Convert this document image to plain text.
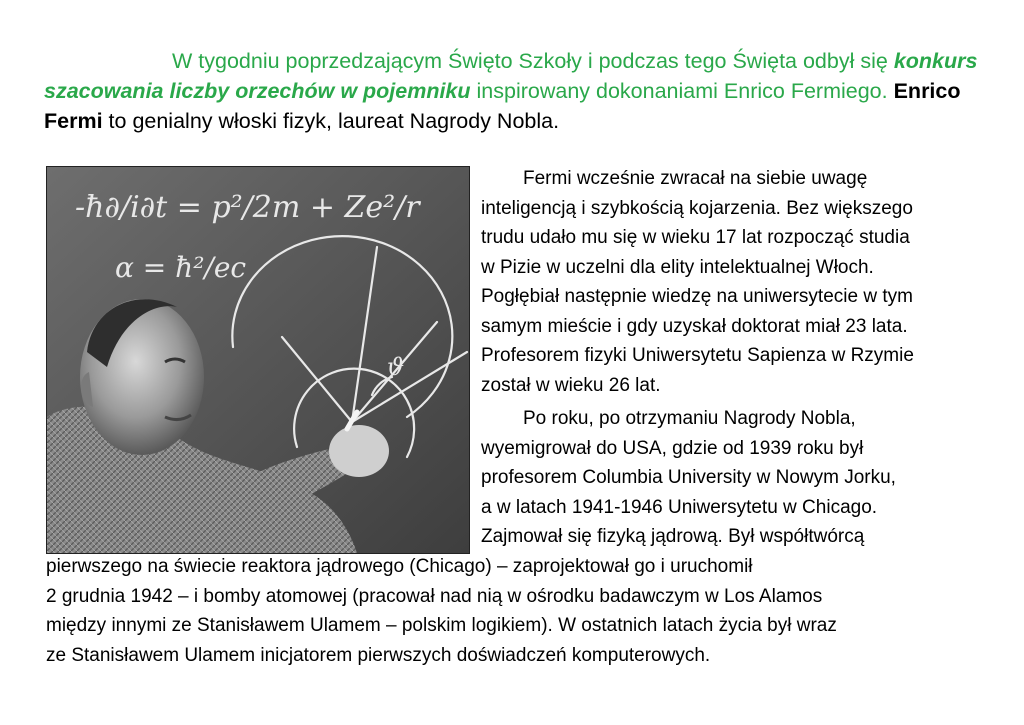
W tygodniu poprzedzającym Święto Szkoły i podczas tego Święta odbył się konkurs szacowania liczby orzechów w pojemniku inspirowany dokonaniami Enrico Fermiego. Enrico Fermi to genialny włoski fizyk, laureat Nagrody Nobla.
-ħ∂/i∂t = p²/2m + Ze²/r
α = ħ²/ec
ϑ
Fermi wcześnie zwracał na siebie uwagę
inteligencją i szybkością kojarzenia. Bez większego
trudu udało mu się w wieku 17 lat rozpocząć studia
w Pizie w uczelni dla elity intelektualnej Włoch.
Pogłębiał następnie wiedzę na uniwersytecie w tym
samym mieście i gdy uzyskał doktorat miał 23 lata.
Profesorem fizyki Uniwersytetu Sapienza w Rzymie
został w wieku 26 lat.
Po roku, po otrzymaniu Nagrody Nobla,
wyemigrował do USA, gdzie od 1939 roku był
profesorem Columbia University w Nowym Jorku,
a w latach 1941-1946 Uniwersytetu w Chicago.
Zajmował się fizyką jądrową. Był współtwórcą
pierwszego na świecie reaktora jądrowego (Chicago) – zaprojektował go i uruchomił
2 grudnia 1942 – i bomby atomowej (pracował nad nią w ośrodku badawczym w Los Alamos
między innymi ze Stanisławem Ulamem – polskim logikiem). W ostatnich latach życia był wraz
ze Stanisławem Ulamem inicjatorem pierwszych doświadczeń komputerowych.
